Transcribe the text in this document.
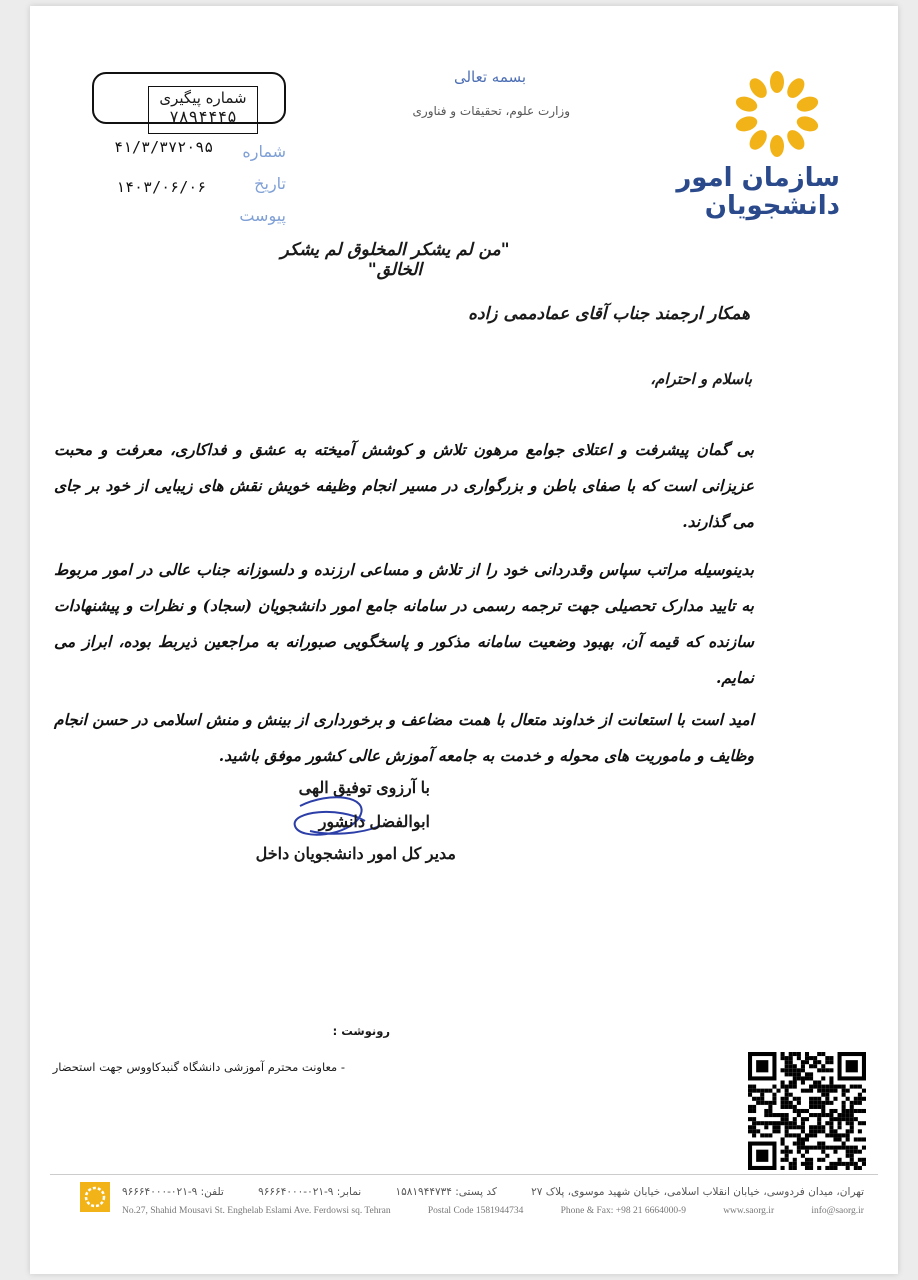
سازمان امور
دانشجویان
بسمه تعالی
وزارت علوم، تحقیقات و فناوری
شماره پیگیری
۷۸۹۴۴۴۵
شماره
۴۱/۳/۳۷۲۰۹۵
تاریخ
۱۴۰۳/۰۶/۰۶
پیوست
"من لم یشکر المخلوق لم یشکر الخالق"
همکار ارجمند جناب آقای عمادممی زاده
باسلام و احترام،

بی گمان پیشرفت و اعتلای جوامع مرهون تلاش و کوشش آمیخته به عشق و فداکاری، معرفت و محبت عزیزانی است که با صفای باطن و بزرگواری در مسیر انجام وظیفه خویش نقش های زیبایی از خود بر جای می گذارند.

بدینوسیله مراتب سپاس وقدردانی خود را از تلاش و مساعی ارزنده و دلسوزانه جناب عالی در امور مربوط به تایید مدارک تحصیلی جهت ترجمه رسمی در سامانه جامع امور دانشجویان (سجاد) و نظرات و پیشنهادات سازنده که قیمه آن، بهبود وضعیت سامانه مذکور و پاسخگویی صبورانه به مراجعین ذیربط بوده، ابراز می نمایم.

امید است با استعانت از خداوند متعال با همت مضاعف و برخورداری از بینش و منش اسلامی در حسن انجام وظایف و ماموریت های محوله و خدمت به جامعه آموزش عالی کشور موفق باشید.

با آرزوی توفیق الهی
ابوالفضل دانشور
مدیر کل امور دانشجویان داخل
رونوشت :
- معاونت محترم آموزشی دانشگاه گنبدکاووس جهت استحضار
تهران، میدان فردوسی، خیابان انقلاب اسلامی، خیابان شهید موسوی، پلاک ۲۷
کد پستی: ۱۵۸۱۹۴۴۷۳۴
نمابر: ۹-۰۲۱-۹۶۶۶۴۰۰۰
تلفن: ۹-۰۲۱-۹۶۶۶۴۰۰۰
No.27, Shahid Mousavi St. Enghelab Eslami Ave. Ferdowsi sq. Tehran	Postal Code 1581944734	Phone & Fax: +98 21 6664000-9	www.saorg.ir	info@saorg.ir
